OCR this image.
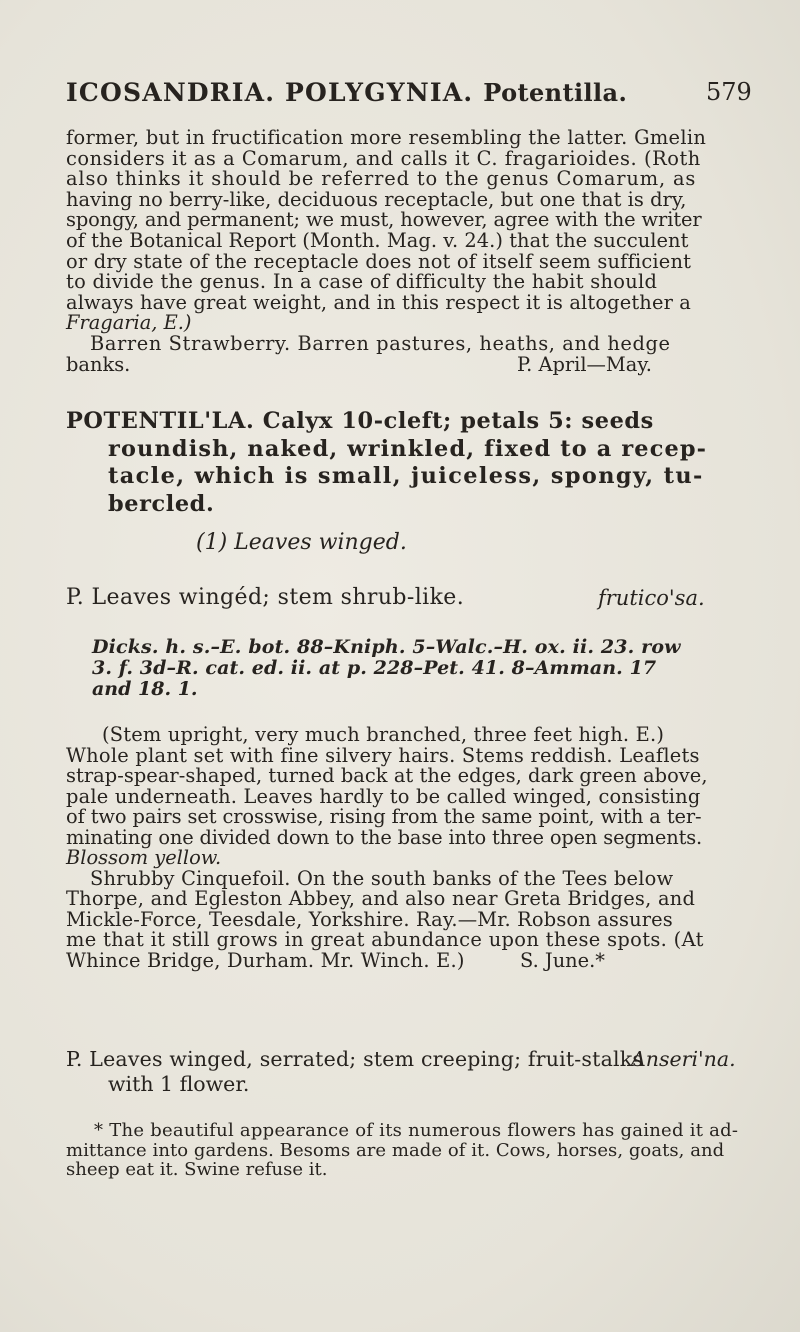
ICOSANDRIA. POLYGYNIA. Potentilla.	579
former, but in fructification more resembling the latter. Gmelin
considers it as a Comarum, and calls it C. fragarioides. (Roth
also thinks it should be referred to the genus Comarum, as
having no berry-like, deciduous receptacle, but one that is dry,
spongy, and permanent; we must, however, agree with the writer
of the Botanical Report (Month. Mag. v. 24.) that the succulent
or dry state of the receptacle does not of itself seem sufficient
to divide the genus. In a case of difficulty the habit should
always have great weight, and in this respect it is altogether a
Fragaria, E.)
Barren Strawberry. Barren pastures, heaths, and hedge
banks.	P. April—May.
POTENTIL'LA. Calyx 10-cleft; petals 5: seeds
roundish, naked, wrinkled, fixed to a recep-
tacle, which is small, juiceless, spongy, tu-
bercled.
(1) Leaves winged.
P. Leaves wingéd; stem shrub-like.	frutico'sa.
Dicks. h. s.–E. bot. 88–Kniph. 5–Walc.–H. ox. ii. 23. row
3. f. 3d–R. cat. ed. ii. at p. 228–Pet. 41. 8–Amman. 17
and 18. 1.
(Stem upright, very much branched, three feet high. E.)
Whole plant set with fine silvery hairs. Stems reddish. Leaflets
strap-spear-shaped, turned back at the edges, dark green above,
pale underneath. Leaves hardly to be called winged, consisting
of two pairs set crosswise, rising from the same point, with a ter-
minating one divided down to the base into three open segments.
Blossom yellow.
Shrubby Cinquefoil. On the south banks of the Tees below
Thorpe, and Egleston Abbey, and also near Greta Bridges, and
Mickle-Force, Teesdale, Yorkshire. Ray.—Mr. Robson assures
me that it still grows in great abundance upon these spots. (At
Whince Bridge, Durham. Mr. Winch. E.)	S. June.*
P. Leaves winged, serrated; stem creeping; fruit-stalks
Anseri'na.
with 1 flower.
* The beautiful appearance of its numerous flowers has gained it ad-
mittance into gardens. Besoms are made of it. Cows, horses, goats, and
sheep eat it. Swine refuse it.
